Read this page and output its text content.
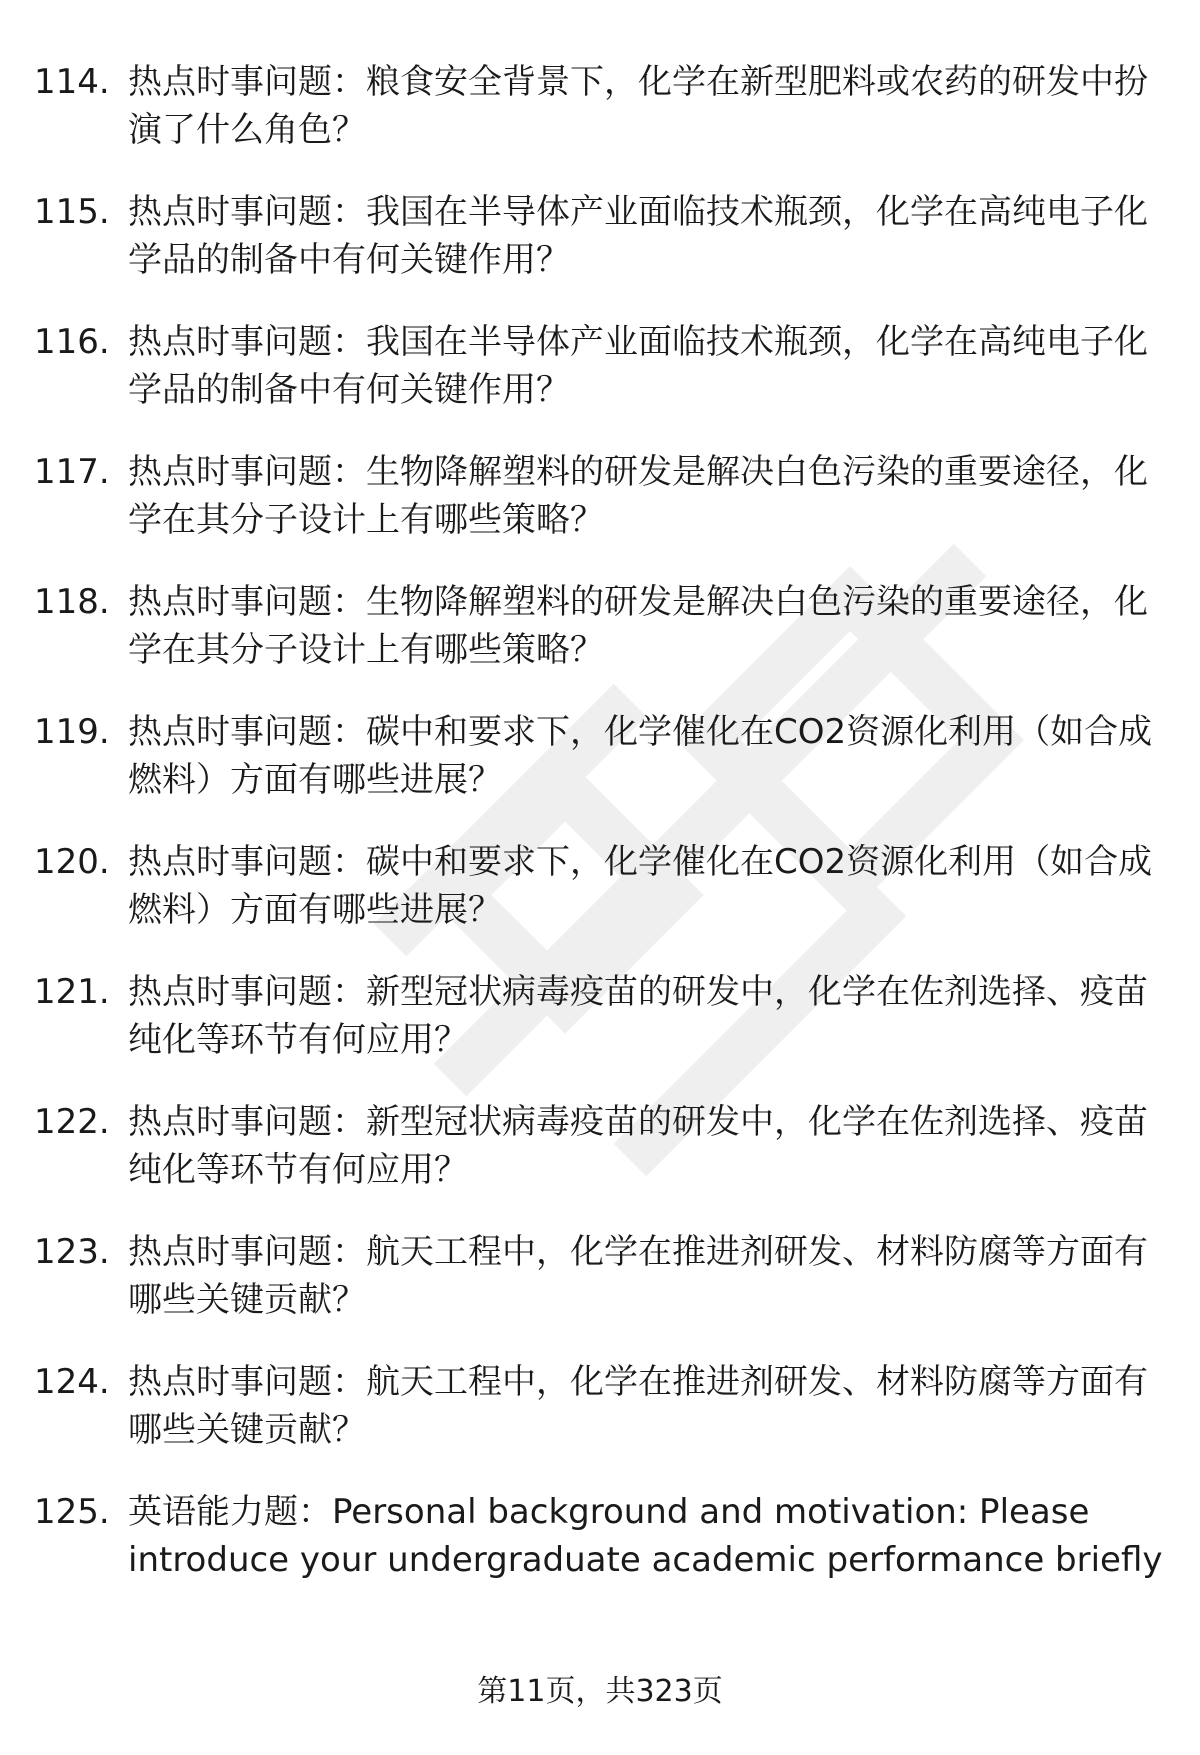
114. 热点时事问题：粮食安全背景下，化学在新型肥料或农药的研发中扮演了什么角色？
115. 热点时事问题：我国在半导体产业面临技术瓶颈，化学在高纯电子化学品的制备中有何关键作用？
116. 热点时事问题：我国在半导体产业面临技术瓶颈，化学在高纯电子化学品的制备中有何关键作用？
117. 热点时事问题：生物降解塑料的研发是解决白色污染的重要途径，化学在其分子设计上有哪些策略？
118. 热点时事问题：生物降解塑料的研发是解决白色污染的重要途径，化学在其分子设计上有哪些策略？
119. 热点时事问题：碳中和要求下，化学催化在CO2资源化利用（如合成燃料）方面有哪些进展？
120. 热点时事问题：碳中和要求下，化学催化在CO2资源化利用（如合成燃料）方面有哪些进展？
121. 热点时事问题：新型冠状病毒疫苗的研发中，化学在佐剂选择、疫苗纯化等环节有何应用？
122. 热点时事问题：新型冠状病毒疫苗的研发中，化学在佐剂选择、疫苗纯化等环节有何应用？
123. 热点时事问题：航天工程中，化学在推进剂研发、材料防腐等方面有哪些关键贡献？
124. 热点时事问题：航天工程中，化学在推进剂研发、材料防腐等方面有哪些关键贡献？
125. 英语能力题：Personal background and motivation: Please introduce your undergraduate academic performance briefly
第11页，共323页
